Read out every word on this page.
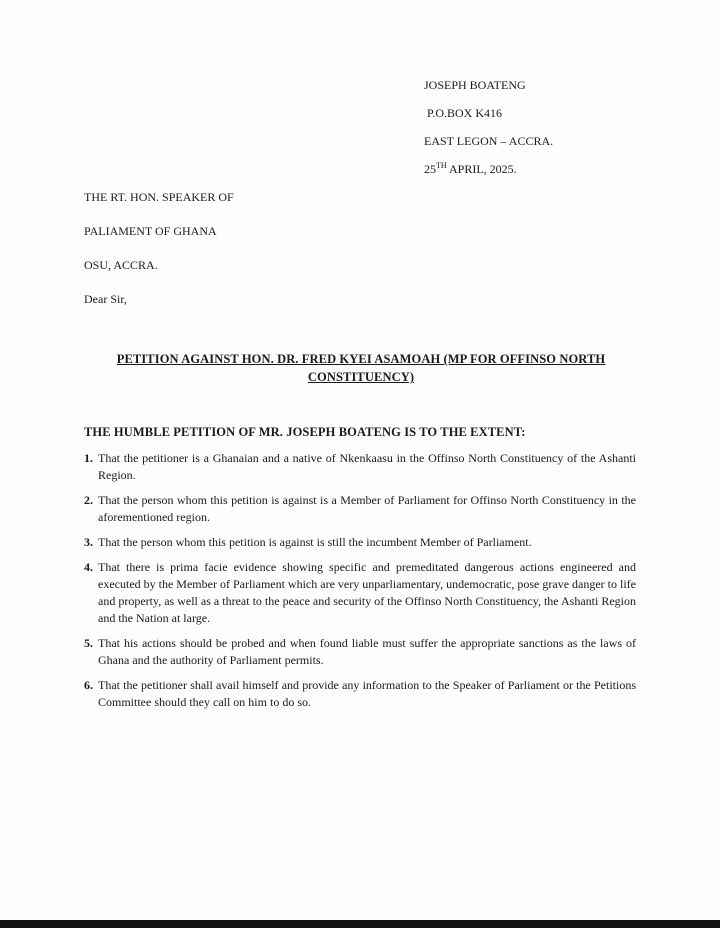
JOSEPH BOATENG
P.O.BOX K416
EAST LEGON – ACCRA.
25TH APRIL, 2025.
THE RT. HON. SPEAKER OF
PALIAMENT OF GHANA
OSU, ACCRA.
Dear Sir,
PETITION AGAINST HON. DR. FRED KYEI ASAMOAH (MP FOR OFFINSO NORTH
CONSTITUENCY)
THE HUMBLE PETITION OF MR. JOSEPH BOATENG IS TO THE EXTENT:
1. That the petitioner is a Ghanaian and a native of Nkenkaasu in the Offinso North Constituency of the Ashanti Region.
2. That the person whom this petition is against is a Member of Parliament for Offinso North Constituency in the aforementioned region.
3. That the person whom this petition is against is still the incumbent Member of Parliament.
4. That there is prima facie evidence showing specific and premeditated dangerous actions engineered and executed by the Member of Parliament which are very unparliamentary, undemocratic, pose grave danger to life and property, as well as a threat to the peace and security of the Offinso North Constituency, the Ashanti Region and the Nation at large.
5. That his actions should be probed and when found liable must suffer the appropriate sanctions as the laws of Ghana and the authority of Parliament permits.
6. That the petitioner shall avail himself and provide any information to the Speaker of Parliament or the Petitions Committee should they call on him to do so.
